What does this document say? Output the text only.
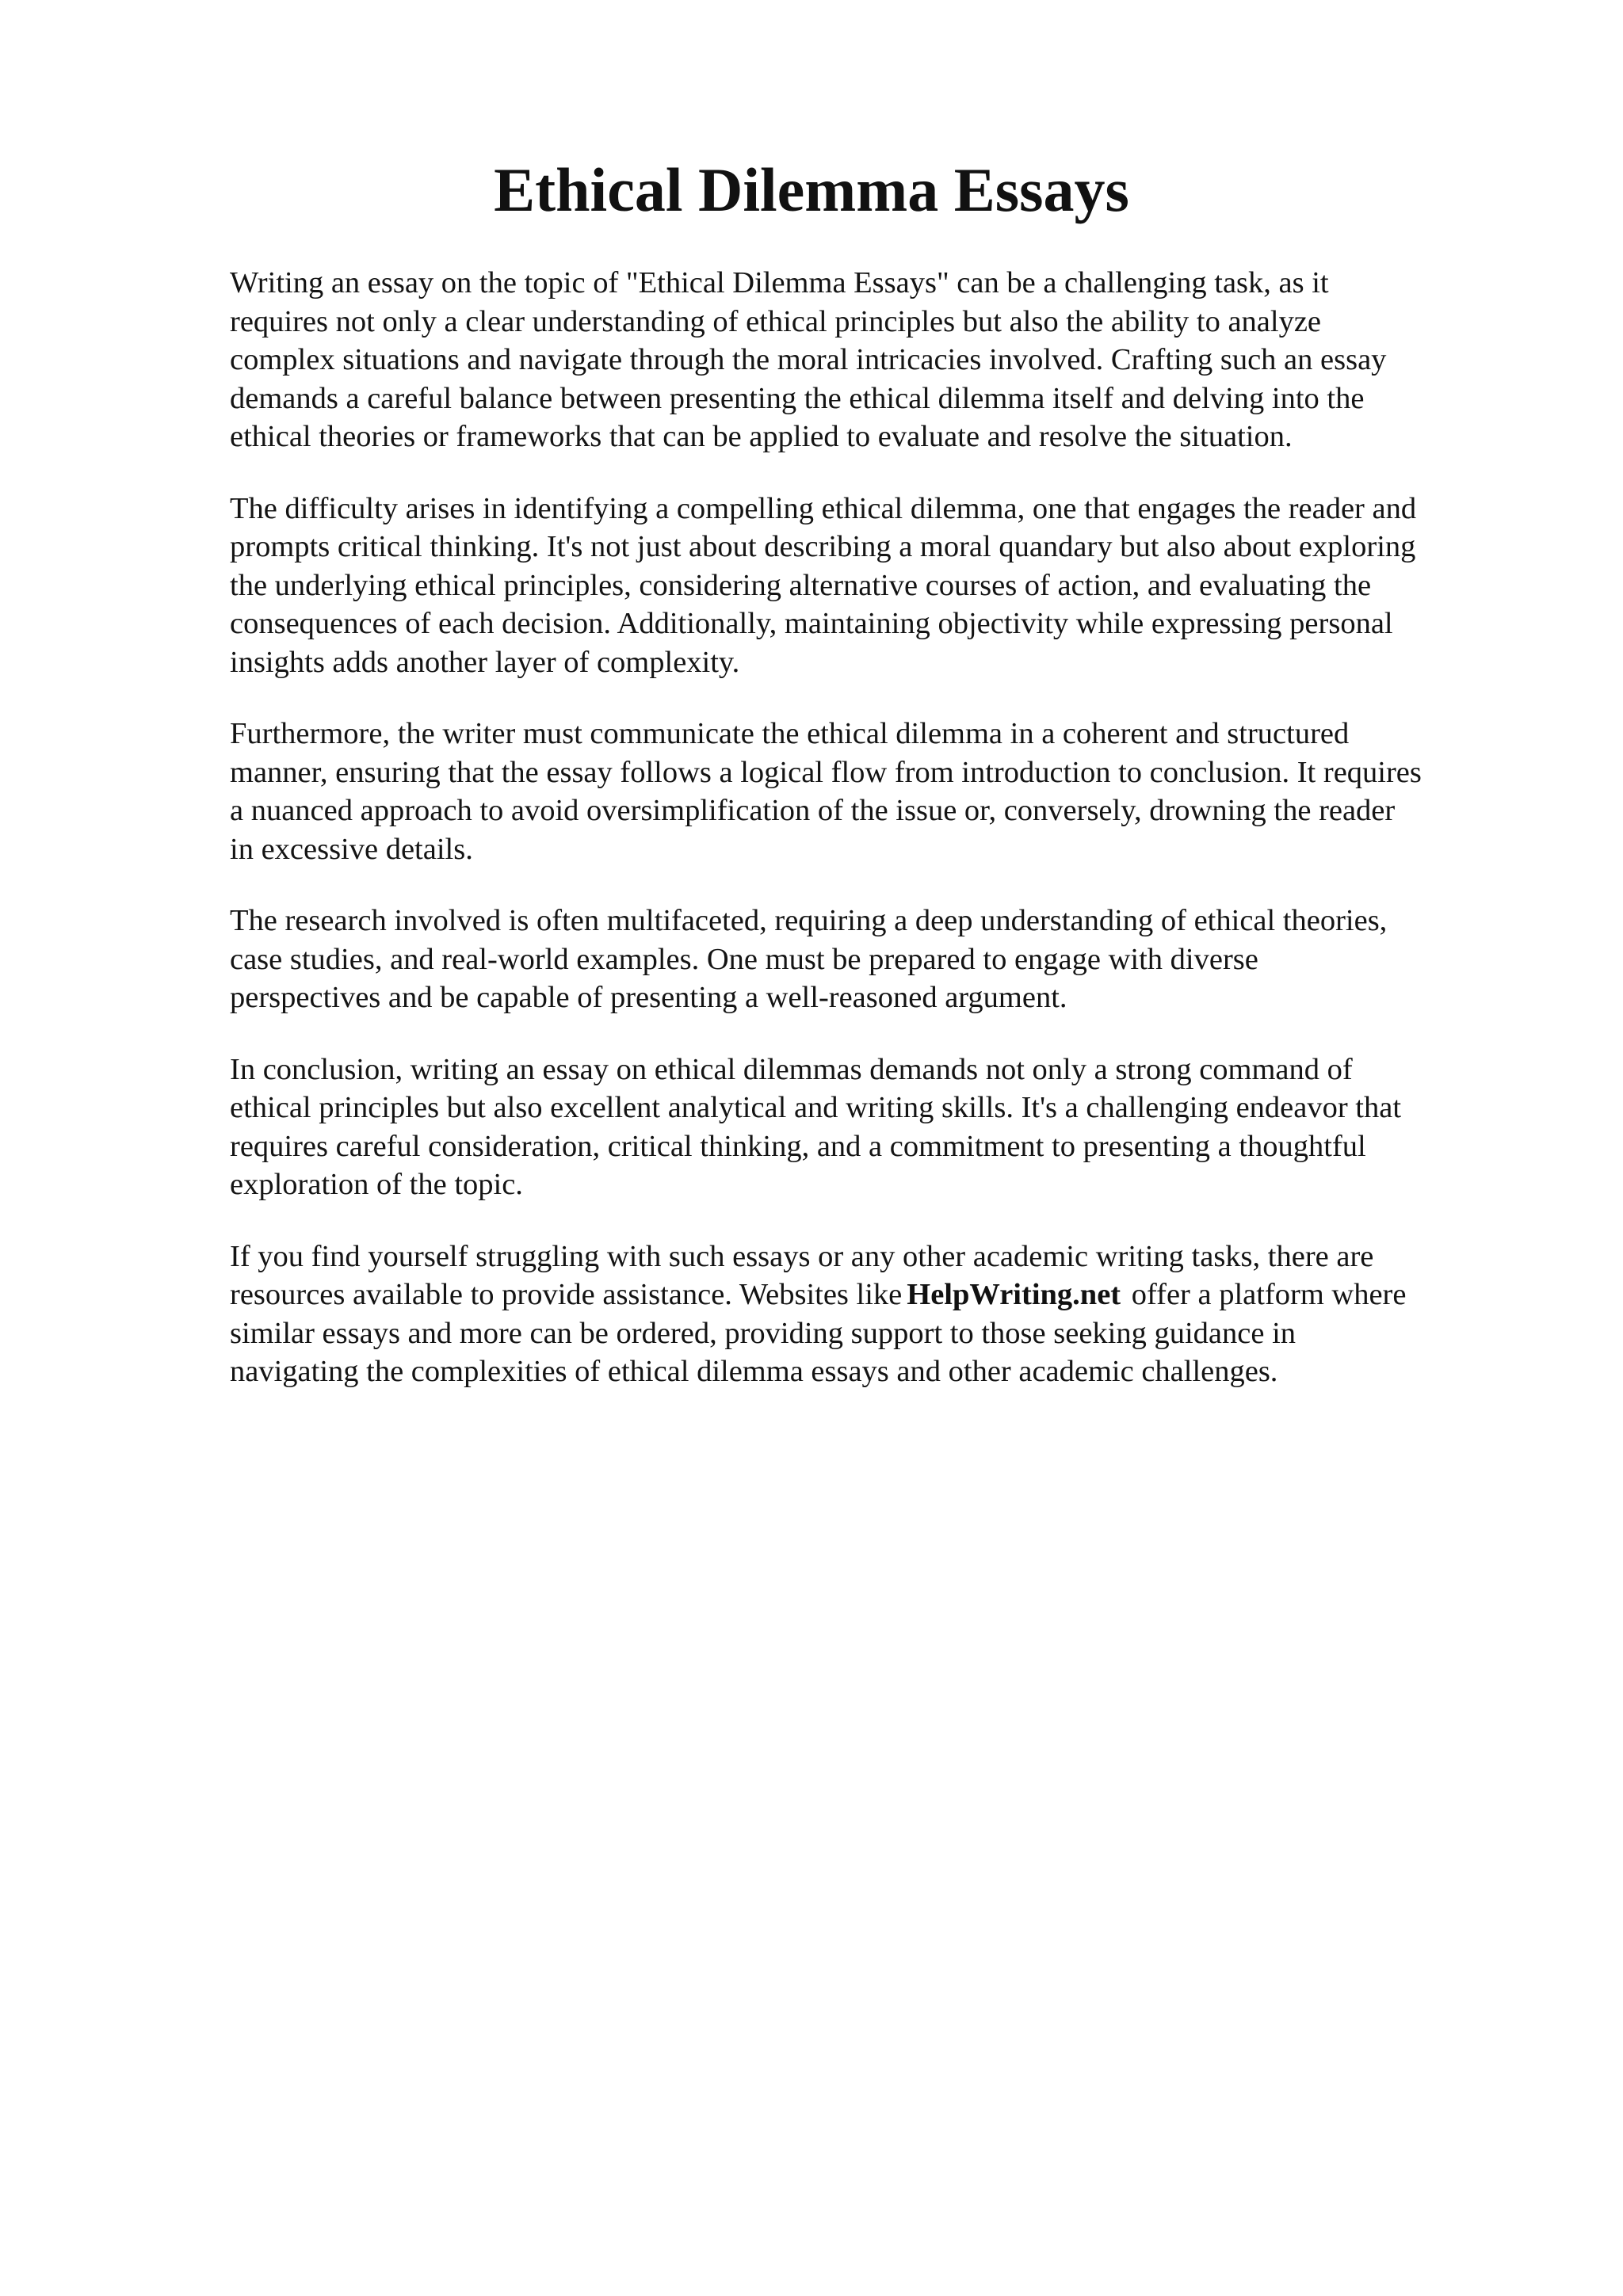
Ethical Dilemma Essays

Writing an essay on the topic of "Ethical Dilemma Essays" can be a challenging task, as it
requires not only a clear understanding of ethical principles but also the ability to analyze
complex situations and navigate through the moral intricacies involved. Crafting such an essay
demands a careful balance between presenting the ethical dilemma itself and delving into the
ethical theories or frameworks that can be applied to evaluate and resolve the situation.

The difficulty arises in identifying a compelling ethical dilemma, one that engages the reader and
prompts critical thinking. It's not just about describing a moral quandary but also about exploring
the underlying ethical principles, considering alternative courses of action, and evaluating the
consequences of each decision. Additionally, maintaining objectivity while expressing personal
insights adds another layer of complexity.

Furthermore, the writer must communicate the ethical dilemma in a coherent and structured
manner, ensuring that the essay follows a logical flow from introduction to conclusion. It requires
a nuanced approach to avoid oversimplification of the issue or, conversely, drowning the reader
in excessive details.

The research involved is often multifaceted, requiring a deep understanding of ethical theories,
case studies, and real-world examples. One must be prepared to engage with diverse
perspectives and be capable of presenting a well-reasoned argument.

In conclusion, writing an essay on ethical dilemmas demands not only a strong command of
ethical principles but also excellent analytical and writing skills. It's a challenging endeavor that
requires careful consideration, critical thinking, and a commitment to presenting a thoughtful
exploration of the topic.

If you find yourself struggling with such essays or any other academic writing tasks, there are
resources available to provide assistance. Websites like HelpWriting.net offer a platform where
similar essays and more can be ordered, providing support to those seeking guidance in
navigating the complexities of ethical dilemma essays and other academic challenges.
